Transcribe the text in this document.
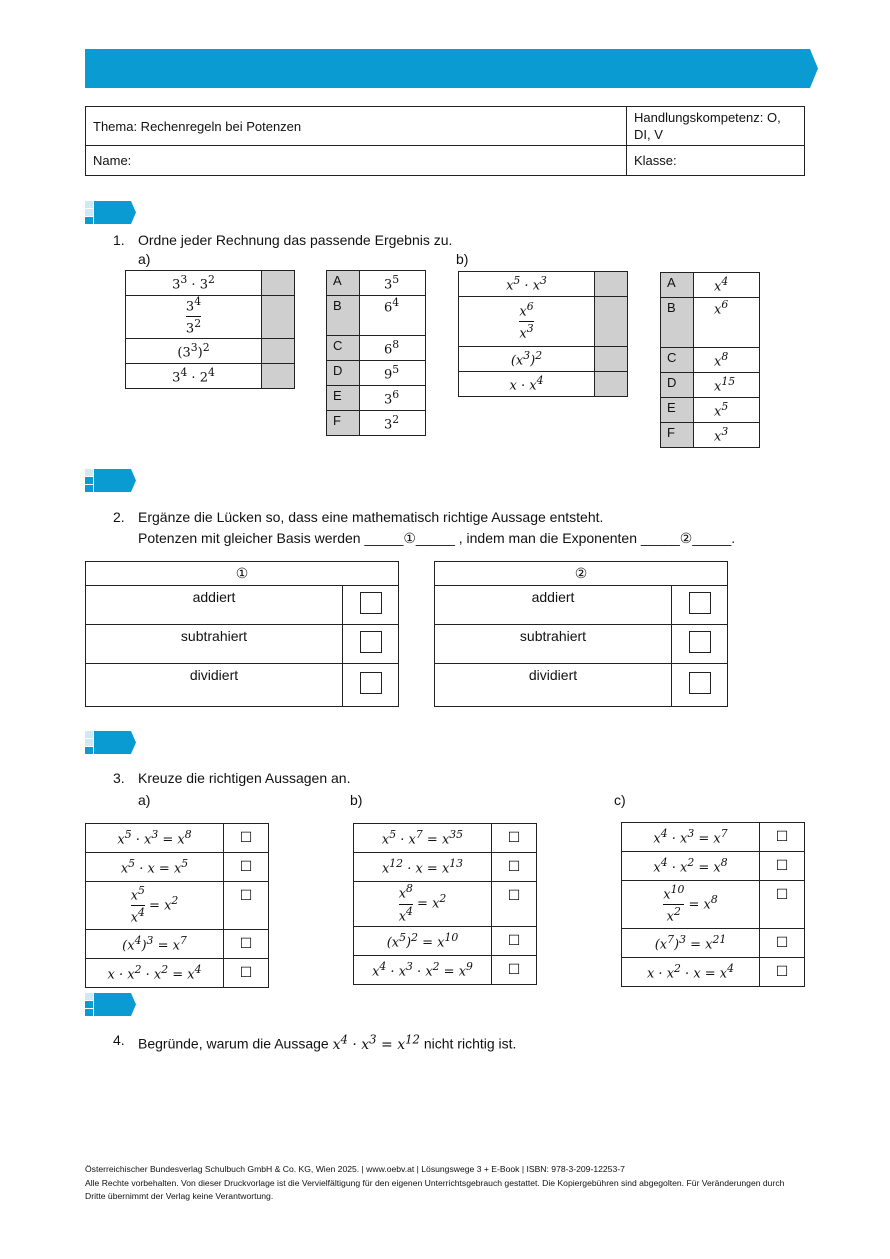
Lösungswege 3 – Online	Arbeitsblatt
Thema: Rechenregeln bei Potenzen	Handlungskompetenz: O, DI, V
Name:	Klasse:
1. Ordne jeder Rechnung das passende Ergebnis zu.
a)	b)
$3^3 \cdot 3^2$	

$\frac{3^4}{3^2}$

$(3^3)^2$	
$3^4 \cdot 2^4$	
A	$3^5$
B	$6^4$
C	$6^8$
D	$9^5$
E	$3^6$
F	$3^2$
$x^5 \cdot x^3$	

$\frac{x^6}{x^3}$

$(x^3)^2$	
$x \cdot x^4$	
A	$x^4$
B	$x^6$
C	$x^8$
D	$x^{15}$
E	$x^5$
F	$x^3$
2. Ergänze die Lücken so, dass eine mathematisch richtige Aussage entsteht.
Potenzen mit gleicher Basis werden _____①_____ , indem man die Exponenten _____②_____.
①	
addiert	
subtrahiert	
dividiert	
②	
addiert	
subtrahiert	
dividiert	
3. Kreuze die richtigen Aussagen an.
a)	b)	c)
$x^5 \cdot x^3 = x^8$	☐
$x^5 \cdot x = x^5$	☐

$\frac{x^5}{x^4} = x^2$	☐
$(x^4)^3 = x^7$	☐
$x \cdot x^2 \cdot x^2 = x^4$	☐
$x^5 \cdot x^7 = x^{35}$	☐
$x^{12} \cdot x = x^{13}$	☐

$\frac{x^8}{x^4} = x^2$	☐
$(x^5)^2 = x^{10}$	☐
$x^4 \cdot x^3 \cdot x^2 = x^9$	☐
$x^4 \cdot x^3 = x^7$	☐
$x^4 \cdot x^2 = x^8$	☐

$\frac{x^{10}}{x^2} = x^8$	☐
$(x^7)^3 = x^{21}$	☐
$x \cdot x^2 \cdot x = x^4$	☐
4. Begründe, warum die Aussage $x^4 \cdot x^3 = x^{12}$ nicht richtig ist.
Österreichischer Bundesverlag Schulbuch GmbH & Co. KG, Wien 2025. | www.oebv.at | Lösungswege 3 + E-Book | ISBN: 978-3-209-12253-7
Alle Rechte vorbehalten. Von dieser Druckvorlage ist die Vervielfältigung für den eigenen Unterrichtsgebrauch gestattet. Die Kopiergebühren sind abgegolten. Für Veränderungen durch Dritte übernimmt der Verlag keine Verantwortung.
